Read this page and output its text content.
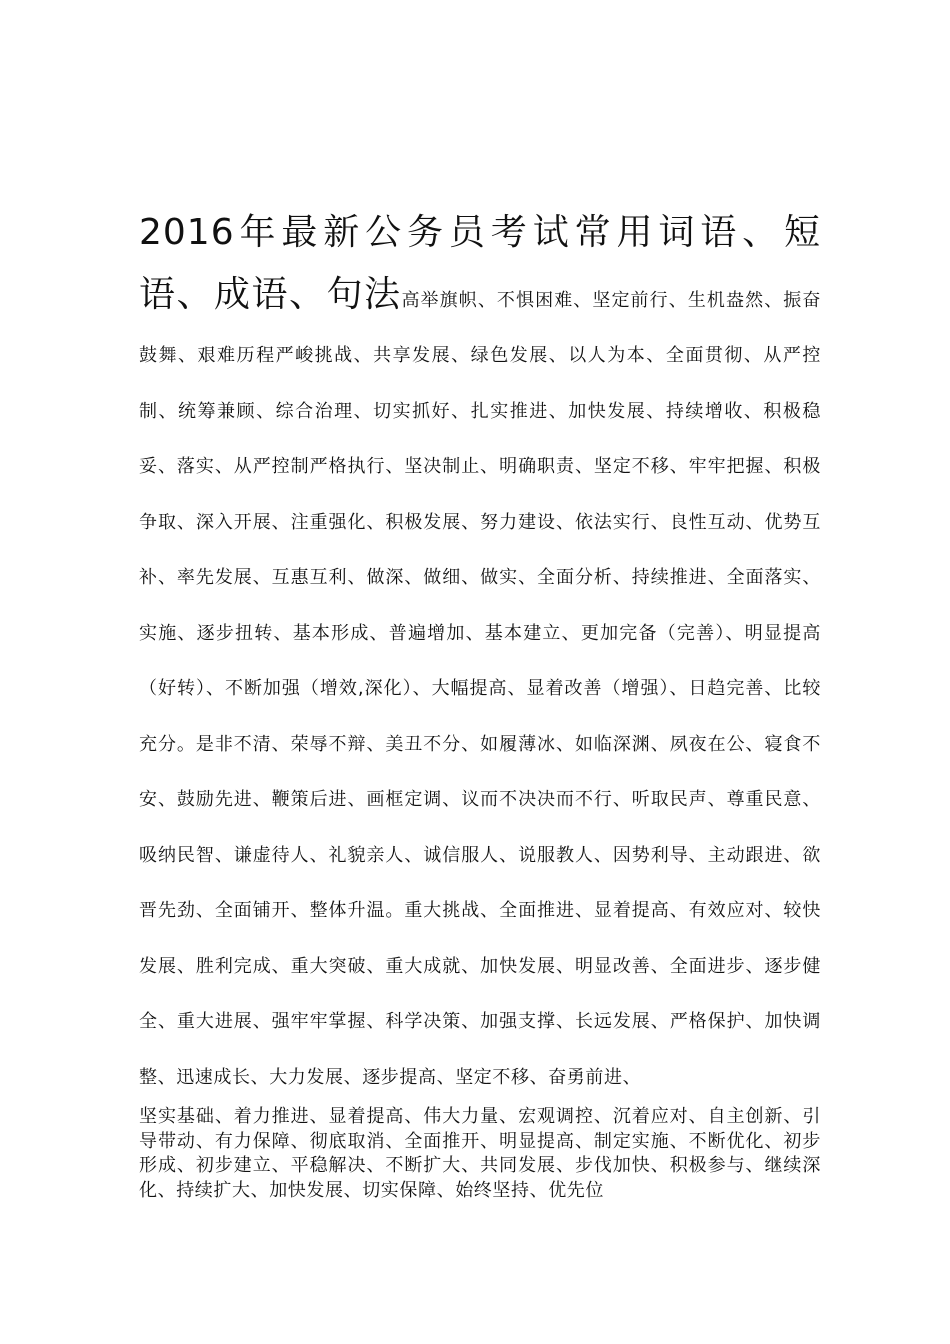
2016年最新公务员考试常用词语、短语、成语、句法高举旗帜、不惧困难、坚定前行、生机盎然、振奋鼓舞、艰难历程严峻挑战、共享发展、绿色发展、以人为本、全面贯彻、从严控制、统筹兼顾、综合治理、切实抓好、扎实推进、加快发展、持续增收、积极稳妥、落实、从严控制严格执行、坚决制止、明确职责、坚定不移、牢牢把握、积极争取、深入开展、注重强化、积极发展、努力建设、依法实行、良性互动、优势互补、率先发展、互惠互利、做深、做细、做实、全面分析、持续推进、全面落实、实施、逐步扭转、基本形成、普遍增加、基本建立、更加完备（完善）、明显提高（好转）、不断加强（增效,深化）、大幅提高、显着改善（增强）、日趋完善、比较充分。是非不清、荣辱不辩、美丑不分、如履薄冰、如临深渊、夙夜在公、寝食不安、鼓励先进、鞭策后进、画框定调、议而不决决而不行、听取民声、尊重民意、吸纳民智、谦虚待人、礼貌亲人、诚信服人、说服教人、因势利导、主动跟进、欲晋先劲、全面铺开、整体升温。重大挑战、全面推进、显着提高、有效应对、较快发展、胜利完成、重大突破、重大成就、加快发展、明显改善、全面进步、逐步健全、重大进展、强牢牢掌握、科学决策、加强支撑、长远发展、严格保护、加快调整、迅速成长、大力发展、逐步提高、坚定不移、奋勇前进、

坚实基础、着力推进、显着提高、伟大力量、宏观调控、沉着应对、自主创新、引导带动、有力保障、彻底取消、全面推开、明显提高、制定实施、不断优化、初步形成、初步建立、平稳解决、不断扩大、共同发展、步伐加快、积极参与、继续深化、持续扩大、加快发展、切实保障、始终坚持、优先位
